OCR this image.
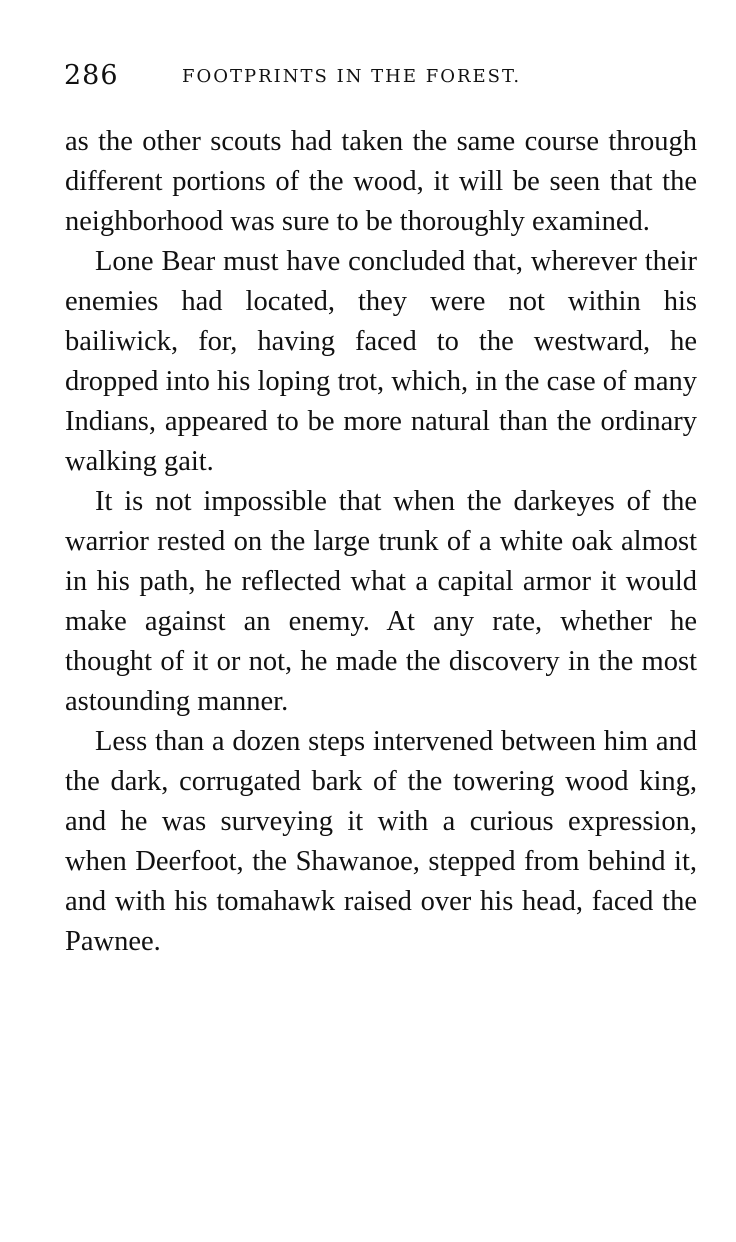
286	FOOTPRINTS IN THE FOREST.

as the other scouts had taken the same course through different portions of the wood, it will be seen that the neighborhood was sure to be thoroughly examined.

Lone Bear must have concluded that, wherever their enemies had located, they were not within his bailiwick, for, having faced to the westward, he dropped into his loping trot, which, in the case of many Indians, appeared to be more natural than the ordinary walking gait.

It is not impossible that when the darkeyes of the warrior rested on the large trunk of a white oak almost in his path, he reflected what a capital armor it would make against an enemy. At any rate, whether he thought of it or not, he made the discovery in the most astounding manner.

Less than a dozen steps intervened between him and the dark, corrugated bark of the towering wood king, and he was surveying it with a curious expression, when Deerfoot, the Shawanoe, stepped from behind it, and with his tomahawk raised over his head, faced the Pawnee.
